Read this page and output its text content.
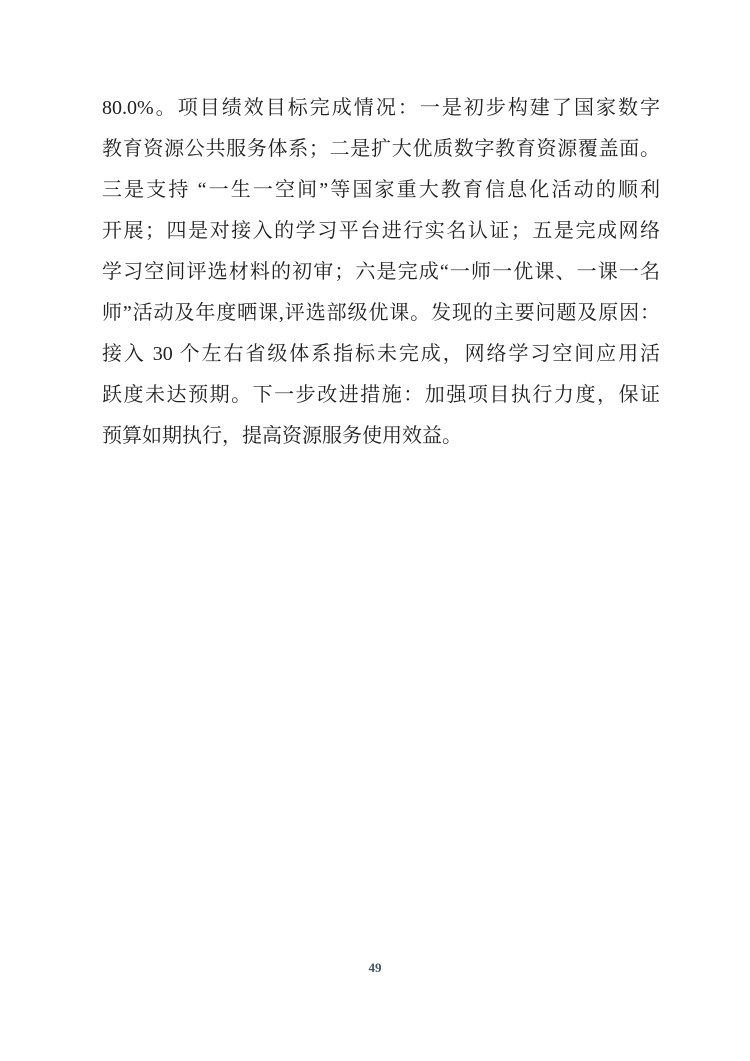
80.0%。项目绩效目标完成情况：一是初步构建了国家数字
教育资源公共服务体系；二是扩大优质数字教育资源覆盖面。
三是支持 “一生一空间”等国家重大教育信息化活动的顺利
开展；四是对接入的学习平台进行实名认证；五是完成网络
学习空间评选材料的初审；六是完成“一师一优课、一课一名
师”活动及年度晒课,评选部级优课。发现的主要问题及原因：
接入 30 个左右省级体系指标未完成，网络学习空间应用活
跃度未达预期。下一步改进措施：加强项目执行力度，保证
预算如期执行，提高资源服务使用效益。
49
